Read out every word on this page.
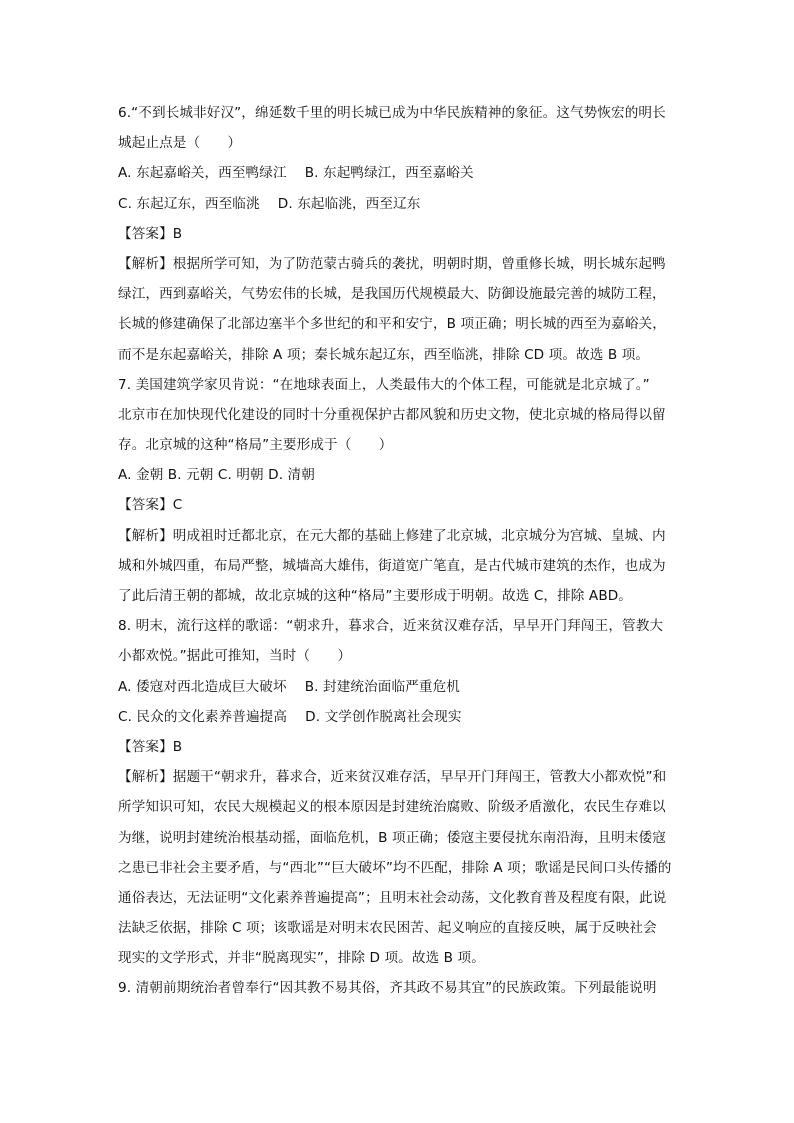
6.“不到长城非好汉”，绵延数千里的明长城已成为中华民族精神的象征。这气势恢宏的明长
城起止点是（　　）
A. 东起嘉峪关，西至鸭绿江　 B. 东起鸭绿江，西至嘉峪关
C. 东起辽东，西至临洮　 D. 东起临洮，西至辽东
【答案】B
【解析】根据所学可知，为了防范蒙古骑兵的袭扰，明朝时期，曾重修长城，明长城东起鸭
绿江，西到嘉峪关，气势宏伟的长城，是我国历代规模最大、防御设施最完善的城防工程，
长城的修建确保了北部边塞半个多世纪的和平和安宁，B 项正确；明长城的西至为嘉峪关，
而不是东起嘉峪关，排除 A 项；秦长城东起辽东，西至临洮，排除 CD 项。故选 B 项。
7. 美国建筑学家贝肯说：“在地球表面上，人类最伟大的个体工程，可能就是北京城了。”
北京市在加快现代化建设的同时十分重视保护古都风貌和历史文物，使北京城的格局得以留
存。北京城的这种“格局”主要形成于（　　）
A. 金朝 B. 元朝 C. 明朝 D. 清朝
【答案】C
【解析】明成祖时迁都北京，在元大都的基础上修建了北京城，北京城分为宫城、皇城、内
城和外城四重，布局严整，城墙高大雄伟，街道宽广笔直，是古代城市建筑的杰作，也成为
了此后清王朝的都城，故北京城的这种“格局”主要形成于明朝。故选 C，排除 ABD。
8. 明末，流行这样的歌谣：“朝求升，暮求合，近来贫汉难存活，早早开门拜闯王，管教大
小都欢悦。”据此可推知，当时（　　）
A. 倭寇对西北造成巨大破坏　 B. 封建统治面临严重危机
C. 民众的文化素养普遍提高　 D. 文学创作脱离社会现实
【答案】B
【解析】据题干“朝求升，暮求合，近来贫汉难存活，早早开门拜闯王，管教大小都欢悦”和
所学知识可知，农民大规模起义的根本原因是封建统治腐败、阶级矛盾激化，农民生存难以
为继，说明封建统治根基动摇，面临危机，B 项正确；倭寇主要侵扰东南沿海，且明末倭寇
之患已非社会主要矛盾，与“西北”“巨大破坏”均不匹配，排除 A 项；歌谣是民间口头传播的
通俗表达，无法证明“文化素养普遍提高”；且明末社会动荡，文化教育普及程度有限，此说
法缺乏依据，排除 C 项；该歌谣是对明末农民困苦、起义响应的直接反映，属于反映社会
现实的文学形式，并非“脱离现实”，排除 D 项。故选 B 项。
9. 清朝前期统治者曾奉行“因其教不易其俗，齐其政不易其宜”的民族政策。下列最能说明
